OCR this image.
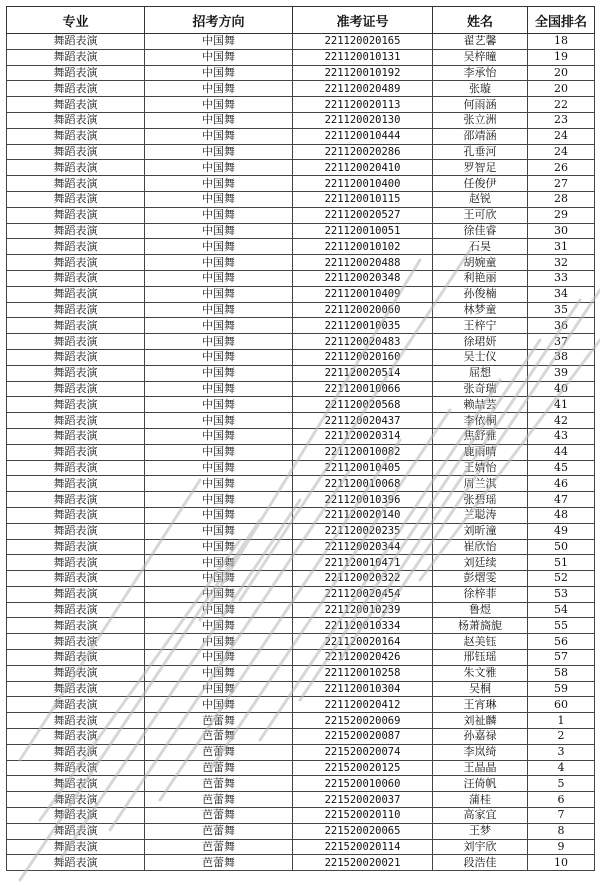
专业	招考方向	准考证号	姓名	全国排名
舞蹈表演	中国舞	221120020165	翟艺馨	18
舞蹈表演	中国舞	221120010131	吴梓曈	19
舞蹈表演	中国舞	221120010192	李承怡	20
舞蹈表演	中国舞	221120020489	张璇	20
舞蹈表演	中国舞	221120020113	何雨涵	22
舞蹈表演	中国舞	221120020130	张立洲	23
舞蹈表演	中国舞	221120010444	邵靖涵	24
舞蹈表演	中国舞	221120020286	孔垂河	24
舞蹈表演	中国舞	221120020410	罗智足	26
舞蹈表演	中国舞	221120010400	任俊伊	27
舞蹈表演	中国舞	221120010115	赵锐	28
舞蹈表演	中国舞	221120020527	王可欣	29
舞蹈表演	中国舞	221120010051	徐佳睿	30
舞蹈表演	中国舞	221120010102	石昊	31
舞蹈表演	中国舞	221120020488	胡婉童	32
舞蹈表演	中国舞	221120020348	利艳丽	33
舞蹈表演	中国舞	221120010409	孙俊楠	34
舞蹈表演	中国舞	221120020060	林梦童	35
舞蹈表演	中国舞	221120010035	王梓宁	36
舞蹈表演	中国舞	221120020483	徐珺妍	37
舞蹈表演	中国舞	221120020160	吴士仪	38
舞蹈表演	中国舞	221120020514	屈想	39
舞蹈表演	中国舞	221120010066	张奇瑞	40
舞蹈表演	中国舞	221120020568	赖喆芸	41
舞蹈表演	中国舞	221120020437	李依桐	42
舞蹈表演	中国舞	221120020314	焦舒雅	43
舞蹈表演	中国舞	221120010082	鹿雨晴	44
舞蹈表演	中国舞	221120010405	王婧怡	45
舞蹈表演	中国舞	221120010068	周兰淇	46
舞蹈表演	中国舞	221120010396	张碧瑶	47
舞蹈表演	中国舞	221120020140	兰聪涛	48
舞蹈表演	中国舞	221120020235	刘昕潼	49
舞蹈表演	中国舞	221120020344	崔欣怡	50
舞蹈表演	中国舞	221120010471	刘廷续	51
舞蹈表演	中国舞	221120020322	彭熠雯	52
舞蹈表演	中国舞	221120020454	徐梓菲	53
舞蹈表演	中国舞	221120010239	鲁煜	54
舞蹈表演	中国舞	221120010334	杨萧旖旎	55
舞蹈表演	中国舞	221120020164	赵美钰	56
舞蹈表演	中国舞	221120020426	邢钰瑶	57
舞蹈表演	中国舞	221120010258	朱文雅	58
舞蹈表演	中国舞	221120010304	吴桐	59
舞蹈表演	中国舞	221120020412	王宵琳	60
舞蹈表演	芭蕾舞	221520020069	刘祉麟	1
舞蹈表演	芭蕾舞	221520020087	孙嘉禄	2
舞蹈表演	芭蕾舞	221520020074	李岚绮	3
舞蹈表演	芭蕾舞	221520020125	王晶晶	4
舞蹈表演	芭蕾舞	221520010060	汪倚帆	5
舞蹈表演	芭蕾舞	221520020037	蒲桂	6
舞蹈表演	芭蕾舞	221520020110	高家宜	7
舞蹈表演	芭蕾舞	221520020065	王梦	8
舞蹈表演	芭蕾舞	221520020114	刘宇欣	9
舞蹈表演	芭蕾舞	221520020021	段浩佳	10
